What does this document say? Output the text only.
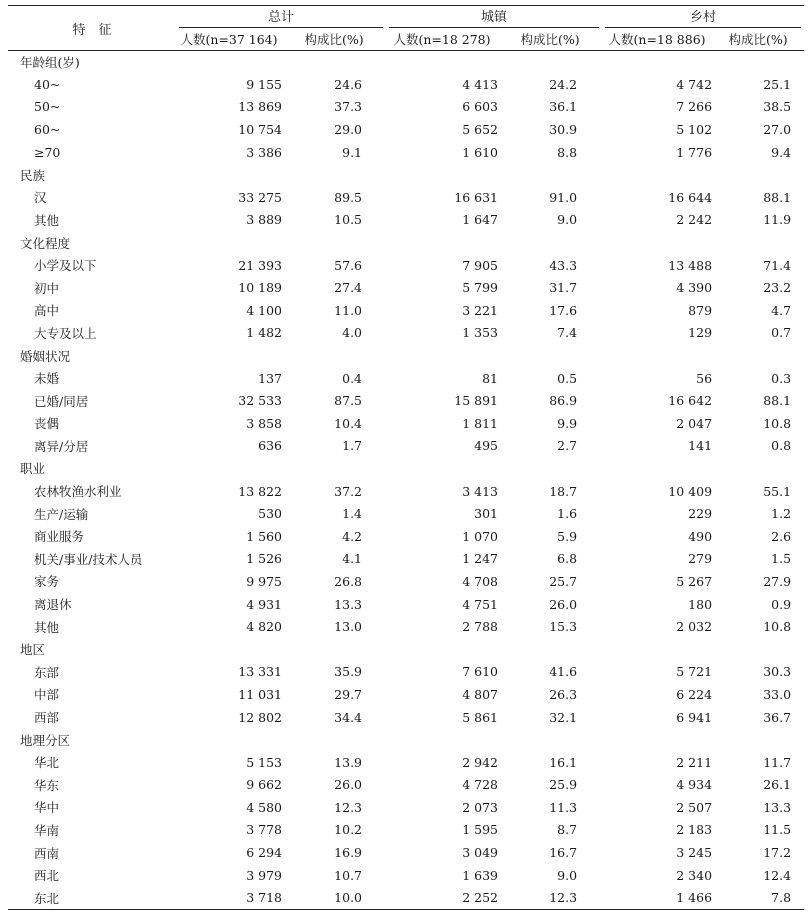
特　征	总计		城镇		乡村	

	人数(n=37 164)	构成比(%)	人数(n=18 278)	构成比(%)	人数(n=18 886)	构成比(%)
年龄组(岁)						
40~	9 155	24.6	4 413	24.2	4 742	25.1
50~	13 869	37.3	6 603	36.1	7 266	38.5
60~	10 754	29.0	5 652	30.9	5 102	27.0
≥70	3 386	9.1	1 610	8.8	1 776	9.4
民族						
汉	33 275	89.5	16 631	91.0	16 644	88.1
其他	3 889	10.5	1 647	9.0	2 242	11.9
文化程度						
小学及以下	21 393	57.6	7 905	43.3	13 488	71.4
初中	10 189	27.4	5 799	31.7	4 390	23.2
高中	4 100	11.0	3 221	17.6	879	4.7
大专及以上	1 482	4.0	1 353	7.4	129	0.7
婚姻状况						
未婚	137	0.4	81	0.5	56	0.3
已婚/同居	32 533	87.5	15 891	86.9	16 642	88.1
丧偶	3 858	10.4	1 811	9.9	2 047	10.8
离异/分居	636	1.7	495	2.7	141	0.8
职业						
农林牧渔水利业	13 822	37.2	3 413	18.7	10 409	55.1
生产/运输	530	1.4	301	1.6	229	1.2
商业服务	1 560	4.2	1 070	5.9	490	2.6
机关/事业/技术人员	1 526	4.1	1 247	6.8	279	1.5
家务	9 975	26.8	4 708	25.7	5 267	27.9
离退休	4 931	13.3	4 751	26.0	180	0.9
其他	4 820	13.0	2 788	15.3	2 032	10.8
地区						
东部	13 331	35.9	7 610	41.6	5 721	30.3
中部	11 031	29.7	4 807	26.3	6 224	33.0
西部	12 802	34.4	5 861	32.1	6 941	36.7
地理分区						
华北	5 153	13.9	2 942	16.1	2 211	11.7
华东	9 662	26.0	4 728	25.9	4 934	26.1
华中	4 580	12.3	2 073	11.3	2 507	13.3
华南	3 778	10.2	1 595	8.7	2 183	11.5
西南	6 294	16.9	3 049	16.7	3 245	17.2
西北	3 979	10.7	1 639	9.0	2 340	12.4
东北	3 718	10.0	2 252	12.3	1 466	7.8
